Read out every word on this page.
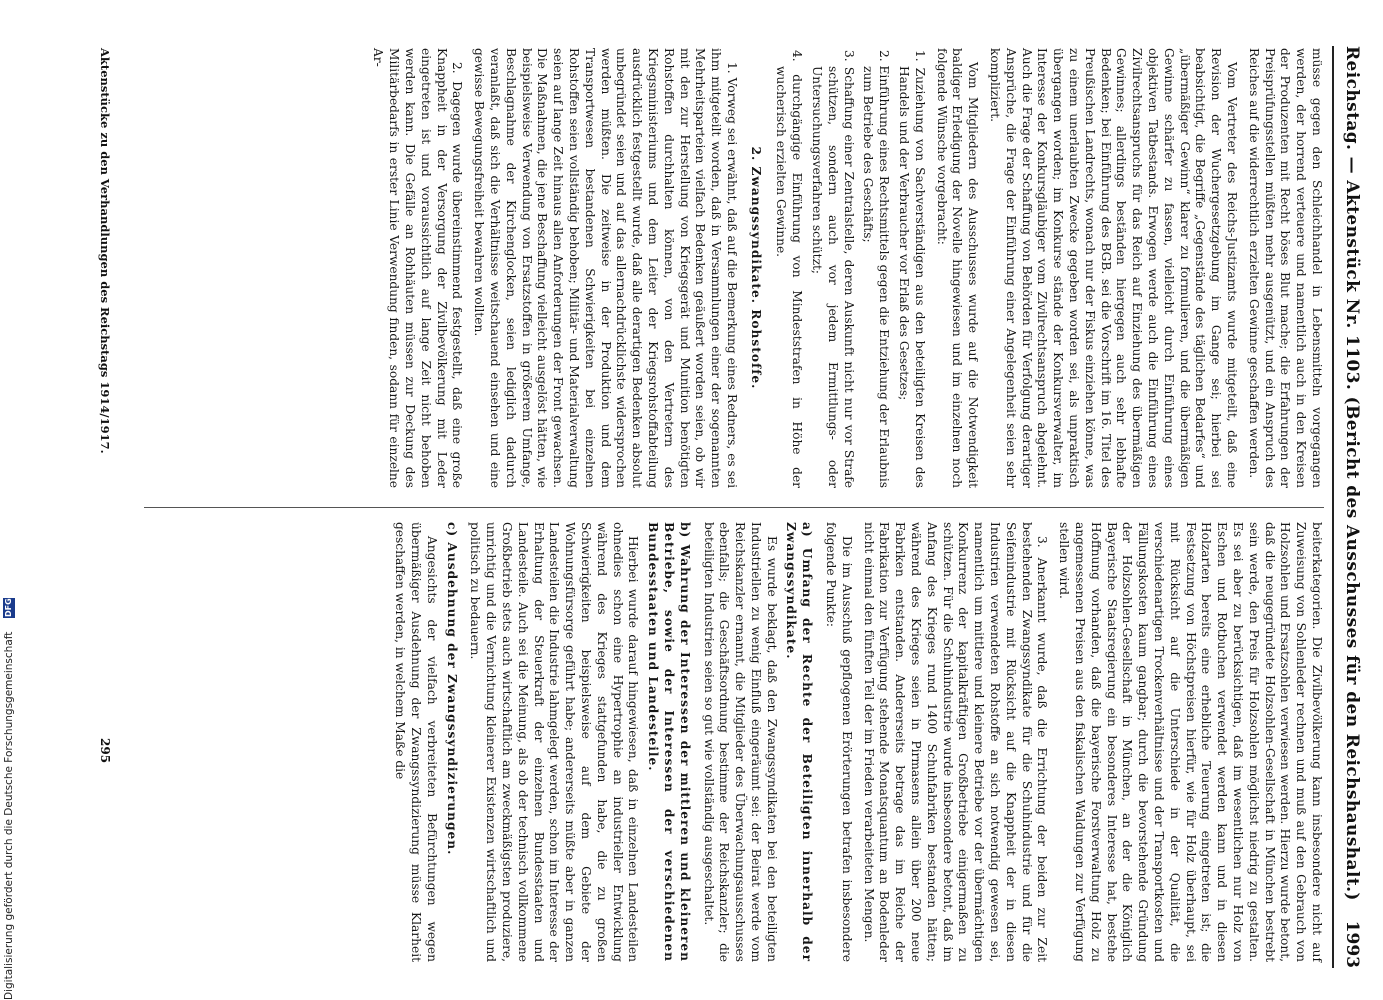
Reichstag. — Aktenstück Nr. 1103. (Bericht des Ausschusses für den Reichshaushalt.)
1993

müsse gegen den Schleichhandel in Lebensmitteln vorgegangen werden, der horrend verteuere und namentlich auch in den Kreisen der Produzenten mit Recht böses Blut mache; die Erfahrungen der Preisprüfungsstellen müßten mehr ausgenützt, und ein Anspruch des Reiches auf die widerrechtlich erzielten Gewinne geschaffen werden.

Vom Vertreter des Reichs-Justizamts wurde mitgeteilt, daß eine Revision der Wuchergesetzgebung im Gange sei; hierbei sei beabsichtigt, die Begriffe „Gegenstände des täglichen Bedarfes“ und „übermäßiger Gewinn“ klarer zu formulieren, und die übermäßigen Gewinne schärfer zu fassen, vielleicht durch Einführung eines objektiven Tatbestands. Erwogen werde auch die Einführung eines Zivilrechtsanspruchs für das Reich auf Einziehung des übermäßigen Gewinnes; allerdings beständen hiergegen auch sehr lebhafte Bedenken; bei Einführung des BGB. sei die Vorschrift im 16. Titel des Preußischen Landrechts, wonach nur der Fiskus einziehen könne, was zu einem unerlaubten Zwecke gegeben worden sei, als unpraktisch übergangen worden; im Konkurse stände der Konkursverwalter, im Interesse der Konkursgläubiger vom Zivilrechtsanspruch abgelehnt. Auch die Frage der Schaffung von Behörden für Verfolgung derartiger Ansprüche, die Frage der Einführung einer Angelegenheit seien sehr kompliziert.

Vom Mitgliedern des Ausschusses wurde auf die Notwendigkeit baldiger Erledigung der Novelle hingewiesen und im einzelnen noch folgende Wünsche vorgebracht:

1. Zuziehung von Sachverständigen aus den beteiligten Kreisen des Handels und der Verbraucher vor Erlaß des Gesetzes;
2. Einführung eines Rechtsmittels gegen die Entziehung der Erlaubnis zum Betriebe des Geschäfts;
3. Schaffung einer Zentralstelle, deren Auskunft nicht nur vor Strafe schützen, sondern auch vor jedem Ermittlungs- oder Untersuchungsverfahren schützt;
4. durchgängige Einführung von Mindeststrafen in Höhe der wucherisch erzielten Gewinne.

2. Zwangssyndikate. Rohstoffe.

1. Vorweg sei erwähnt, daß auf die Bemerkung eines Redners, es sei ihm mitgeteilt worden, daß in Versammlungen einer der sogenannten Mehrheitsparteien vielfach Bedenken geäußert worden seien, ob wir mit den zur Herstellung von Kriegsgerät und Munition benötigten Rohstoffen durchhalten können, von den Vertretern des Kriegsministeriums und dem Leiter der Kriegsrohstoffabteilung ausdrücklich festgestellt wurde, daß alle derartigen Bedenken absolut unbegründet seien und auf das allernachdrücklichste widersprochen werden müßten. Die zeitweise in der Produktion und dem Transportwesen bestandenen Schwierigkeiten bei einzelnen Rohstoffen seien vollständig behoben; Militär- und Materialverwaltung seien auf lange Zeit hinaus allen Anforderungen der Front gewachsen. Die Maßnahmen, die jene Beschaffung vielleicht ausgelöst hätten, wie beispielsweise Verwendung von Ersatzstoffen in größerem Umfange, Beschlagnahme der Kirchenglocken, seien lediglich dadurch veranlaßt, daß sich die Verhältnisse weitschauend einsehen und eine gewisse Bewegungsfreiheit bewahren wollten.

2. Dagegen wurde übereinstimmend festgestellt, daß eine große Knappheit in der Versorgung der Zivilbevölkerung mit Leder eingetreten ist und voraussichtlich auf lange Zeit nicht behoben werden kann. Die Gefälle an Rohhäuten müssen zur Deckung des Militärbedarfs in erster Linie Verwendung finden, sodann für einzelne Ar-

beiterkategorien. Die Zivilbevölkerung kann insbesondere nicht auf Zuweisung von Sohlenleder rechnen und muß auf den Gebrauch von Holzsohlen und Ersatzsohlen verwiesen werden. Hierzu wurde betont, daß die neugegründete Holzsohlen-Gesellschaft in München bestrebt sein werde, den Preis für Holzsohlen möglichst niedrig zu gestalten. Es sei aber zu berücksichtigen, daß im wesentlichen nur Holz von Eschen und Rotbuchen verwendet werden kann und in diesen Holzarten bereits eine erhebliche Teuerung eingetreten ist; die Festsetzung von Höchstpreisen hierfür, wie für Holz überhaupt, sei mit Rücksicht auf die Unterschiede in der Qualität, die verschiedenartigen Trockenverhältnisse und der Transportkosten und Fällungskosten kaum gangbar; durch die bevorstehende Gründung der Holzsohlen-Gesellschaft in München, an der die Königlich Bayerische Staatsregierung ein besonderes Interesse hat, bestehe Hoffnung vorhanden, daß die bayerische Forstverwaltung Holz zu angemessenen Preisen aus den fiskalischen Waldungen zur Verfügung stellen wird.

3. Anerkannt wurde, daß die Errichtung der beiden zur Zeit bestehenden Zwangssyndikate für die Schuhindustrie und für die Seifenindustrie mit Rücksicht auf die Knappheit der in diesen Industrien verwendeten Rohstoffe an sich notwendig gewesen sei, namentlich um mittlere und kleinere Betriebe vor der übermächtigen Konkurrenz der kapitalkräftigen Großbetriebe einigermaßen zu schützen. Für die Schuhindustrie wurde insbesondere betont, daß im Anfang des Krieges rund 1400 Schuhfabriken bestanden hätten; während des Krieges seien in Pirmasens allein über 200 neue Fabriken entstanden. Andererseits betrage das im Reiche der Fabrikation zur Verfügung stehende Monatsquantum an Bodenleder nicht einmal den fünften Teil der im Frieden verarbeiteten Mengen.

Die im Ausschuß gepflogenen Erörterungen betrafen insbesondere folgende Punkte:

a) Umfang der Rechte der Beteiligten innerhalb der Zwangssyndikate.

Es wurde beklagt, daß den Zwangssyndikaten bei den beteiligten Industriellen zu wenig Einfluß eingeräumt sei: der Beirat werde vom Reichskanzler ernannt, die Mitglieder des Überwachungsausschusses ebenfalls; die Geschäftsordnung bestimme der Reichskanzler; die beteiligten Industrien seien so gut wie vollständig ausgeschaltet.

b) Wahrung der Interessen der mittleren und kleineren Betriebe, sowie der Interessen der verschiedenen Bundesstaaten und Landesteile.

Hierbei wurde darauf hingewiesen, daß in einzelnen Landesteilen ohnedies schon eine Hypertrophie an industrieller Entwicklung während des Krieges stattgefunden habe, die zu großen Schwierigkeiten beispielsweise auf dem Gebiete der Wohnungsfürsorge geführt habe; andererseits müßte aber in ganzen Landesteilen die Industrie lahmgelegt werden, schon im Interesse der Erhaltung der Steuerkraft der einzelnen Bundesstaaten und Landesteile. Auch sei die Meinung, als ob der technisch vollkommene Großbetrieb stets auch wirtschaftlich am zweckmäßigsten produziere, unrichtig und die Vernichtung kleinerer Existenzen wirtschaftlich und politisch zu bedauern.

c) Ausdehnung der Zwangssyndizierungen.

Angesichts der vielfach verbreiteten Befürchtungen wegen übermäßiger Ausdehnung der Zwangssyndizierung müsse Klarheit geschaffen werden, in welchem Maße die

Aktenstücke zu den Verhandlungen des Reichstags 1914/1917.
295
Digitalisierung gefördert durch die Deutsche Forschungsgemeinschaft
DFG
